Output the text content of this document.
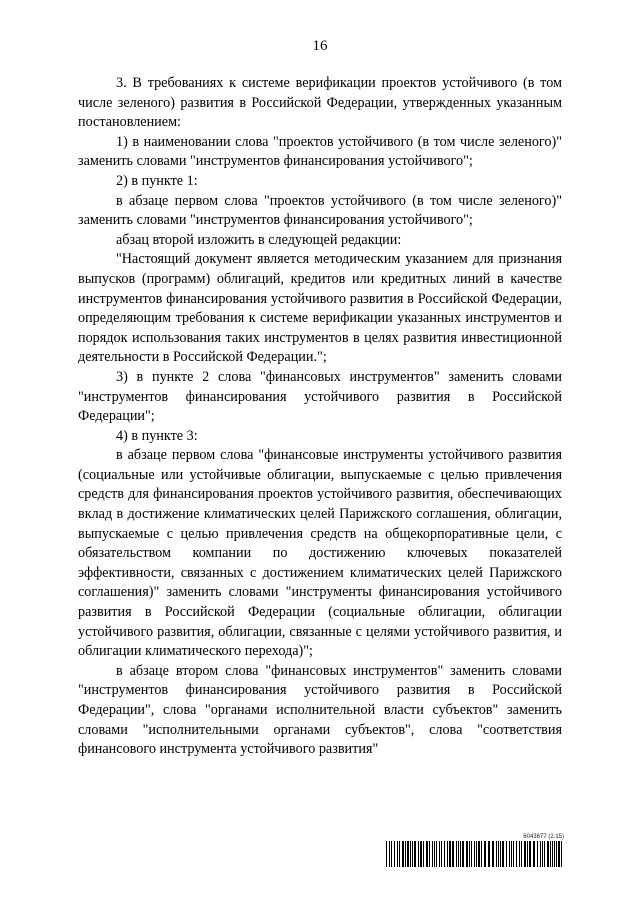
16

3. В требованиях к системе верификации проектов устойчивого (в том числе зеленого) развития в Российской Федерации, утвержденных указанным постановлением:

1) в наименовании слова "проектов устойчивого (в том числе зеленого)" заменить словами "инструментов финансирования устойчивого";

2) в пункте 1:

в абзаце первом слова "проектов устойчивого (в том числе зеленого)" заменить словами "инструментов финансирования устойчивого";

абзац второй изложить в следующей редакции:

"Настоящий документ является методическим указанием для признания выпусков (программ) облигаций, кредитов или кредитных линий в качестве инструментов финансирования устойчивого развития в Российской Федерации, определяющим требования к системе верификации указанных инструментов и порядок использования таких инструментов в целях развития инвестиционной деятельности в Российской Федерации.";

3) в пункте 2 слова "финансовых инструментов" заменить словами "инструментов финансирования устойчивого развития в Российской Федерации";

4) в пункте 3:

в абзаце первом слова "финансовые инструменты устойчивого развития (социальные или устойчивые облигации, выпускаемые с целью привлечения средств для финансирования проектов устойчивого развития, обеспечивающих вклад в достижение климатических целей Парижского соглашения, облигации, выпускаемые с целью привлечения средств на общекорпоративные цели, с обязательством компании по достижению ключевых показателей эффективности, связанных с достижением климатических целей Парижского соглашения)" заменить словами "инструменты финансирования устойчивого развития в Российской Федерации (социальные облигации, облигации устойчивого развития, облигации, связанные с целями устойчивого развития, и облигации климатического перехода)";

в абзаце втором слова "финансовых инструментов" заменить словами "инструментов финансирования устойчивого развития в Российской Федерации", слова "органами исполнительной власти субъектов" заменить словами "исполнительными органами субъектов", слова "соответствия финансового инструмента устойчивого развития"

6043677 (2.15)
